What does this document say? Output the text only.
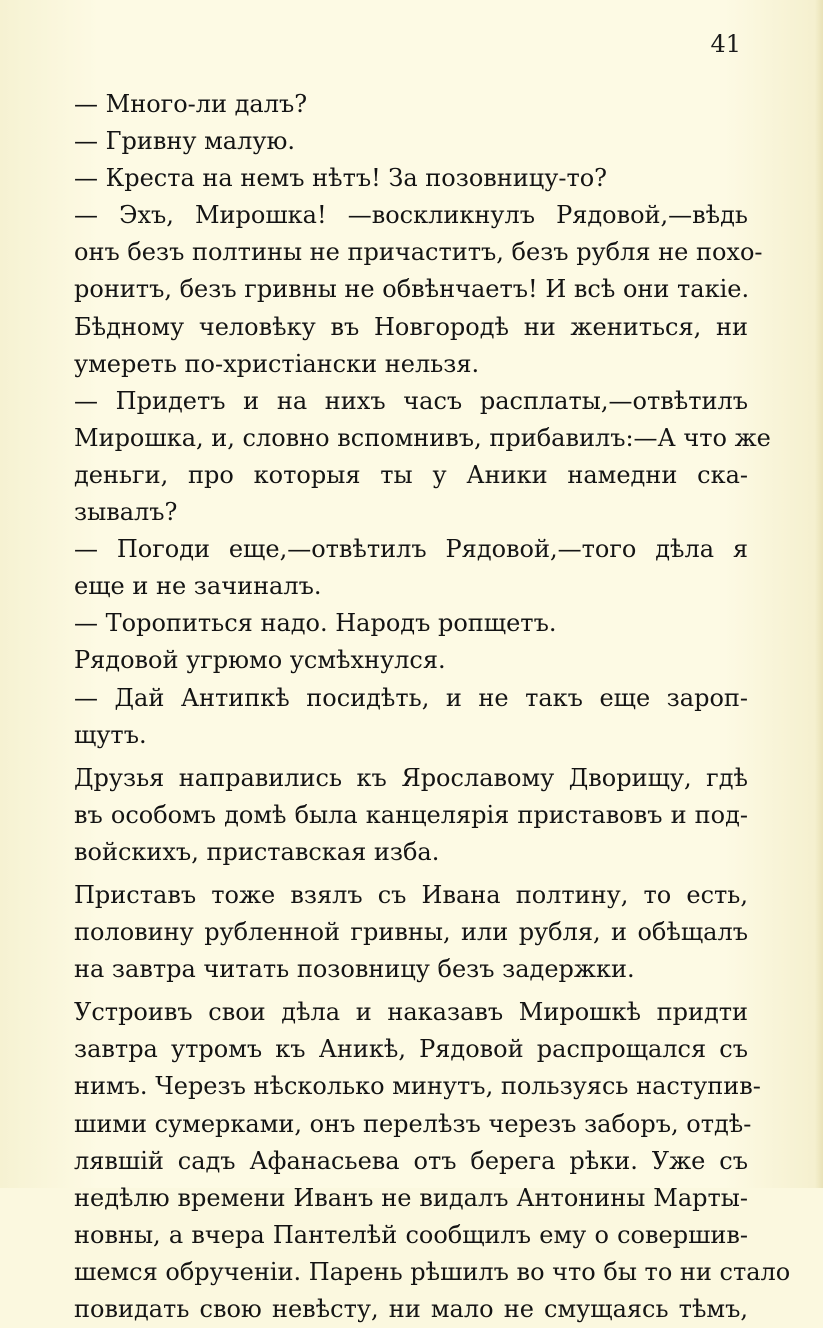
41
— Много-ли далъ?
— Гривну малую.
— Креста на немъ нѣтъ! За позовницу-то?
— Эхъ, Мирошка! —воскликнулъ Рядовой,—вѣдь
онъ безъ полтины не причаститъ, безъ рубля не похо-
ронитъ, безъ гривны не обвѣнчаетъ! И всѣ они такіе.
Бѣдному человѣку въ Новгородѣ ни жениться, ни
умереть по-христіански нельзя.
— Придетъ и на нихъ часъ расплаты,—отвѣтилъ
Мирошка, и, словно вспомнивъ, прибавилъ:—А что же
деньги, про которыя ты у Аники намедни ска-
зывалъ?
— Погоди еще,—отвѣтилъ Рядовой,—того дѣла я
еще и не зачиналъ.
— Торопиться надо. Народъ ропщетъ.
Рядовой угрюмо усмѣхнулся.
— Дай Антипкѣ посидѣть, и не такъ еще зароп-
щутъ.
Друзья направились къ Ярославому Дворищу, гдѣ
въ особомъ домѣ была канцелярія приставовъ и под-
войскихъ, приставская изба.
Приставъ тоже взялъ съ Ивана полтину, то есть,
половину рубленной гривны, или рубля, и обѣщалъ
на завтра читать позовницу безъ задержки.
Устроивъ свои дѣла и наказавъ Мирошкѣ придти
завтра утромъ къ Аникѣ, Рядовой распрощался съ
нимъ. Черезъ нѣсколько минутъ, пользуясь наступив-
шими сумерками, онъ перелѣзъ черезъ заборъ, отдѣ-
лявшій садъ Афанасьева отъ берега рѣки. Уже съ
недѣлю времени Иванъ не видалъ Антонины Марты-
новны, а вчера Пантелѣй сообщилъ ему о совершив-
шемся обрученіи. Парень рѣшилъ во что бы то ни стало
повидать свою невѣсту, ни мало не смущаясь тѣмъ,
